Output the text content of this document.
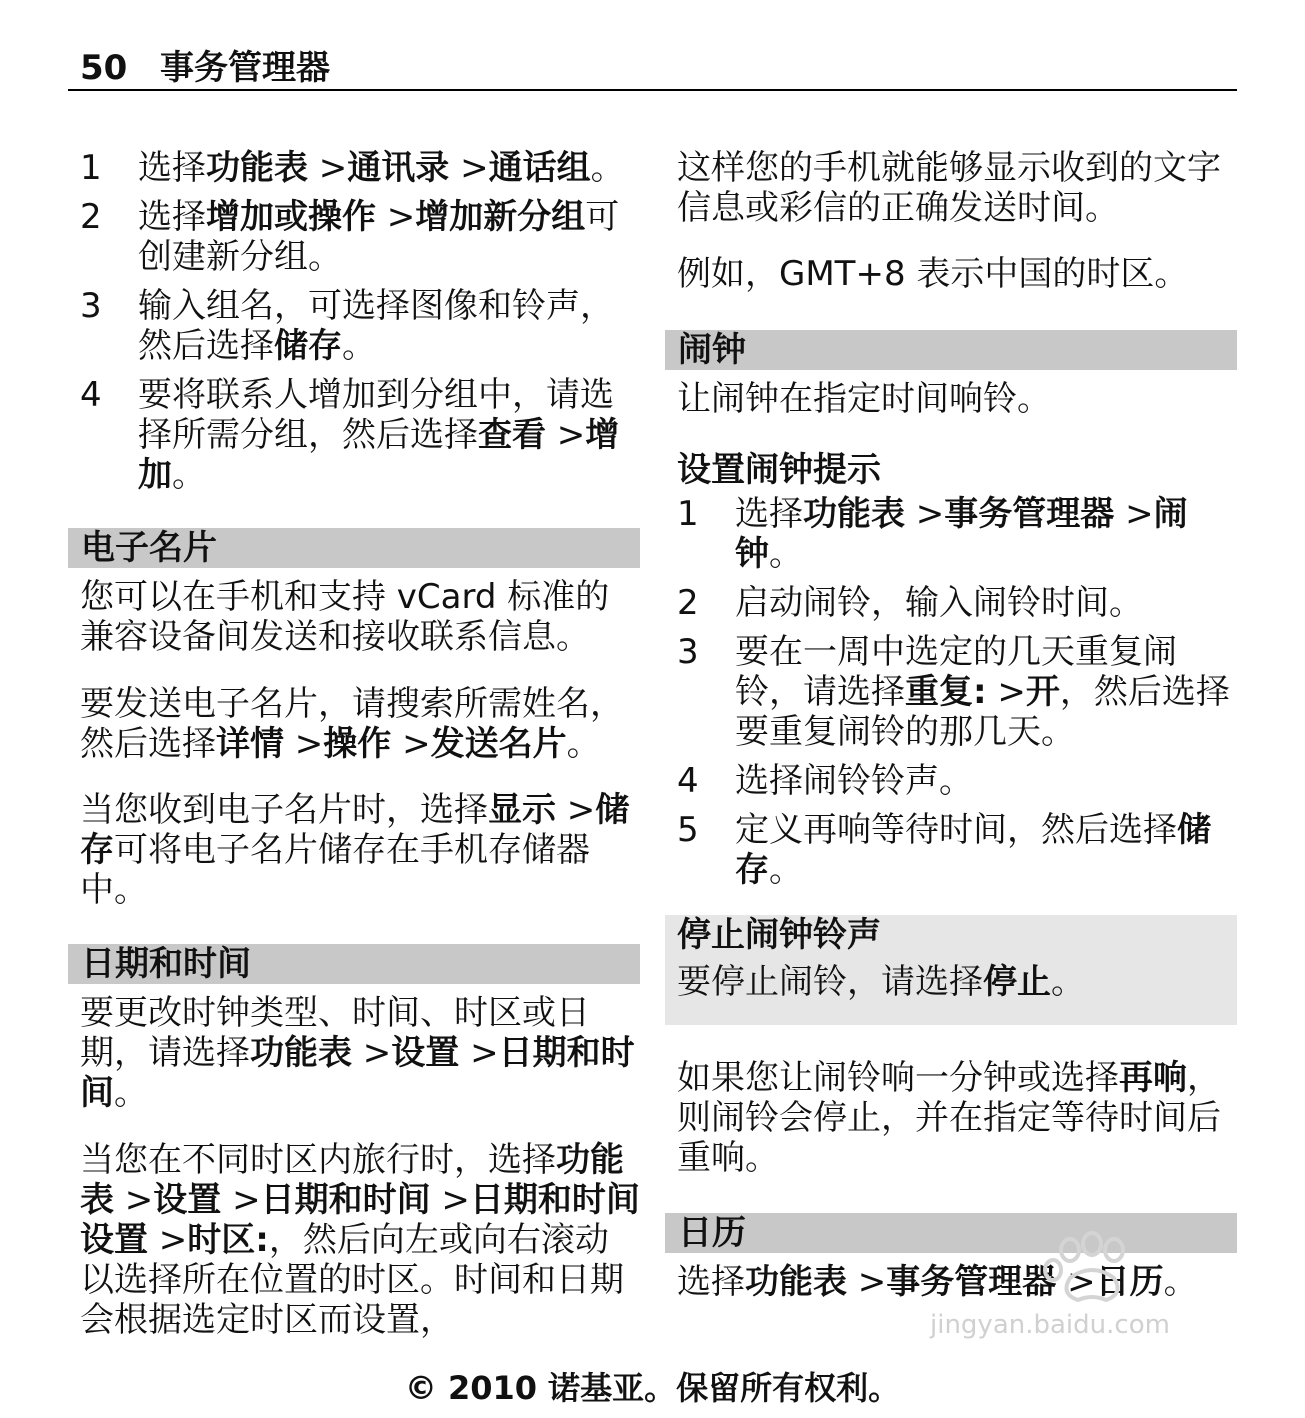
50 事务管理器
1 选择功能表 >通讯录 >通话组。
2 选择增加或操作 >增加新分组可创建新分组。
3 输入组名，可选择图像和铃声，然后选择储存。
4 要将联系人增加到分组中，请选择所需分组，然后选择查看 >增加。
电子名片

您可以在手机和支持 vCard 标准的兼容设备间发送和接收联系信息。

要发送电子名片，请搜索所需姓名，然后选择详情 >操作 >发送名片。

当您收到电子名片时，选择显示 >储存可将电子名片储存在手机存储器中。

日期和时间

要更改时钟类型、时间、时区或日期，请选择功能表 >设置 >日期和时间。

当您在不同时区内旅行时，选择功能表 >设置 >日期和时间 >日期和时间设置 >时区:，然后向左或向右滚动以选择所在位置的时区。时间和日期会根据选定时区而设置，

这样您的手机就能够显示收到的文字信息或彩信的正确发送时间。

例如，GMT+8 表示中国的时区。

闹钟

让闹钟在指定时间响铃。

设置闹钟提示

1 选择功能表 >事务管理器 >闹钟。
2 启动闹铃，输入闹铃时间。
3 要在一周中选定的几天重复闹铃，请选择重复: >开，然后选择要重复闹铃的那几天。
4 选择闹铃铃声。
5 定义再响等待时间，然后选择储存。

停止闹钟铃声

要停止闹铃，请选择停止。

如果您让闹铃响一分钟或选择再响，则闹铃会停止，并在指定等待时间后重响。

日历

选择功能表 >事务管理器 >日历。

jingyan.baidu.com
© 2010 诺基亚。保留所有权利。
